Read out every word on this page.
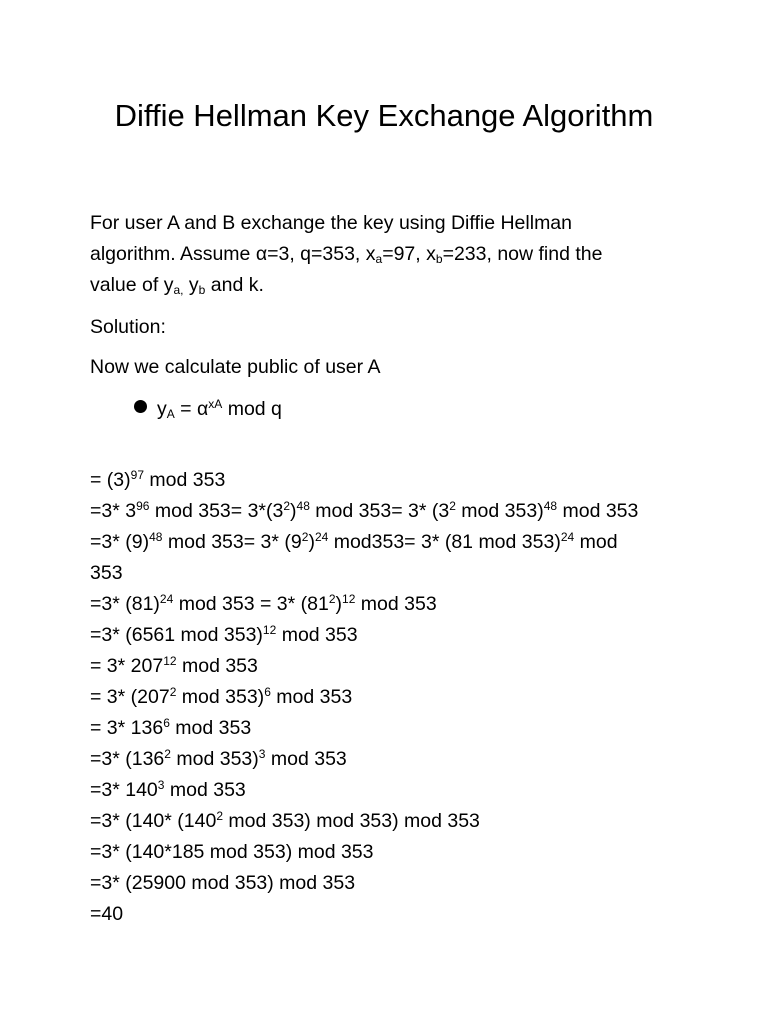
Diffie Hellman Key Exchange Algorithm
For user A and B exchange the key using Diffie Hellman
algorithm. Assume α=3, q=353, $x_a=97$, $x_b=233$, now find the
value of $y_{a,}$ $y_b$ and k.
Solution:
Now we calculate public of user A
$y_A = \alpha^{xA}$ mod q

= $(3)^{97}$ mod 353
=3* $3^{96}$ mod $353= 3*(3^2)^{48}$ mod 353= 3* ($3^2$ mod 353)$^{48}$ mod 353
=3* $(9)^{48}$ mod 353= 3* $(9^2)^{24}$ mod353= 3* (81 mod 353)$^{24}$ mod
353
=3* $(81)^{24}$ mod 353 = 3* $(81^2)^{12}$ mod 353
=3* (6561 mod 353)$^{12}$ mod 353
= 3* $207^{12}$ mod 353
= 3* ($207^2$ mod 353)$^6$ mod 353
= 3* $136^6$ mod 353
=3* ($136^2$ mod 353)$^3$ mod 353
=3* $140^3$ mod 353
=3* (140* ($140^2$ mod 353) mod 353) mod 353
=3* (140*185 mod 353) mod 353
=3* (25900 mod 353) mod 353
=40
